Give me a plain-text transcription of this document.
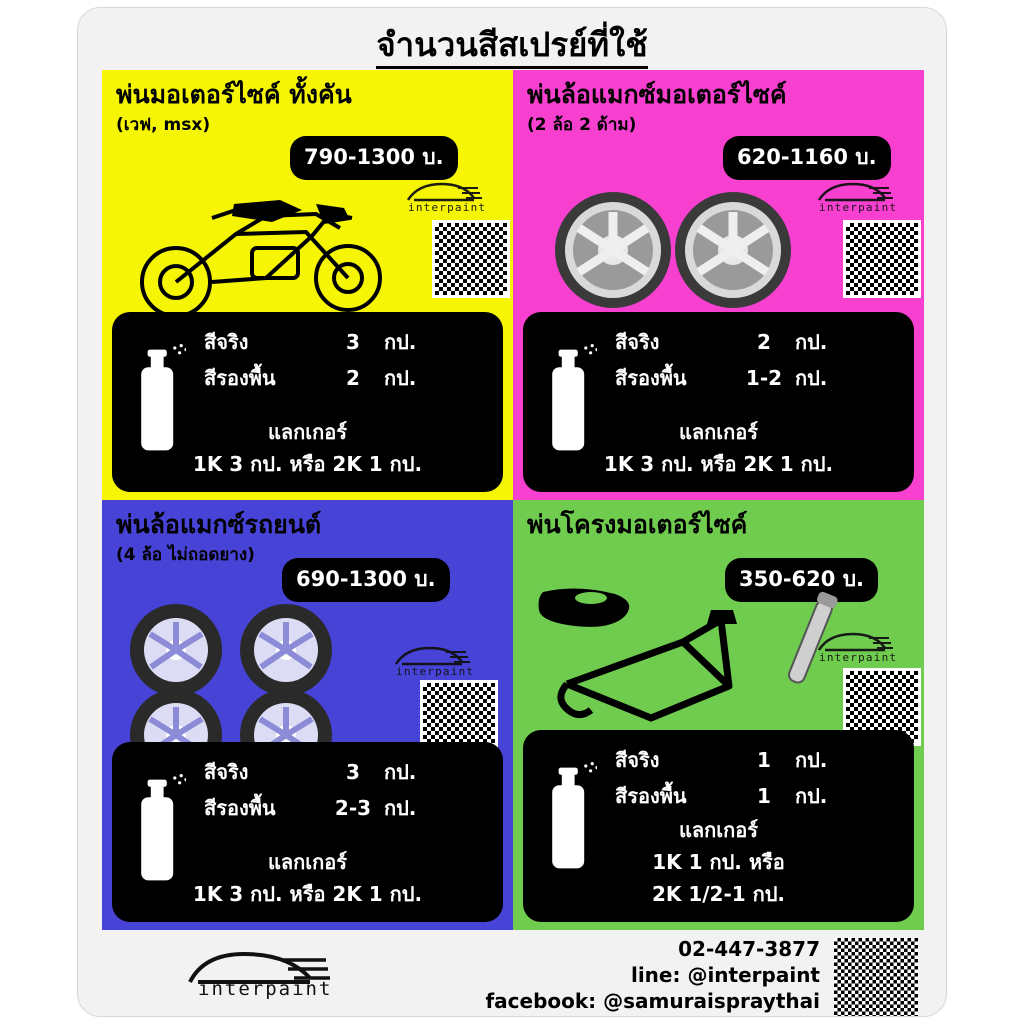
จำนวนสีสเปรย์ที่ใช้
พ่นมอเตอร์ไซค์ ทั้งคัน
(เวฟ, msx)
790-1300 บ.
interpaint
สีจริง	3	กป.
สีรองพื้น	2	กป.
แลกเกอร์
1K 3 กป. หรือ 2K 1 กป.
พ่นล้อแมกซ์มอเตอร์ไซค์
(2 ล้อ 2 ด้าม)
620-1160 บ.
interpaint
สีจริง	2	กป.
สีรองพื้น	1-2 กป.
แลกเกอร์
1K 3 กป. หรือ 2K 1 กป.
พ่นล้อแมกซ์รถยนต์
(4 ล้อ ไม่ถอดยาง)
690-1300 บ.
interpaint
สีจริง	3	กป.
สีรองพื้น	2-3 กป.
แลกเกอร์
1K 3 กป. หรือ 2K 1 กป.
พ่นโครงมอเตอร์ไซค์
350-620 บ.
interpaint
สีจริง	1	กป.
สีรองพื้น	1	กป.
แลกเกอร์
1K 1 กป. หรือ
2K 1/2-1 กป.
interpaint
02-447-3877
line: @interpaint
facebook: @samuraispraythai
